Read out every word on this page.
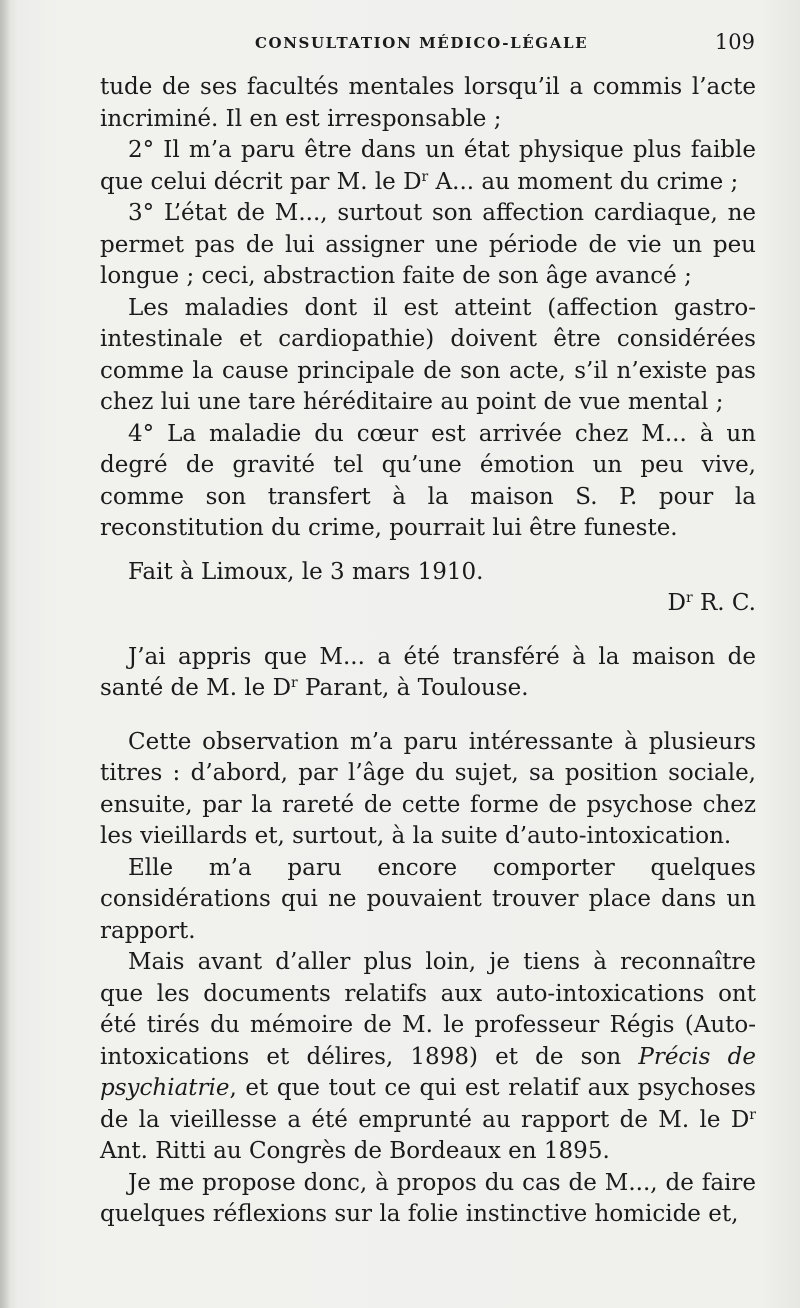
CONSULTATION MÉDICO-LÉGALE	109

tude de ses facultés mentales lorsqu’il a commis l’acte incriminé. Il en est irresponsable ;

2° Il m’a paru être dans un état physique plus faible que celui décrit par M. le $D^r$ A... au moment du crime ;

3° L’état de M..., surtout son affection cardiaque, ne permet pas de lui assigner une période de vie un peu longue ; ceci, abstraction faite de son âge avancé ;

Les maladies dont il est atteint (affection gastro-intestinale et cardiopathie) doivent être considérées comme la cause principale de son acte, s’il n’existe pas chez lui une tare héréditaire au point de vue mental ;

4° La maladie du cœur est arrivée chez M... à un degré de gravité tel qu’une émotion un peu vive, comme son transfert à la maison S. P. pour la reconstitution du crime, pourrait lui être funeste.

Fait à Limoux, le 3 mars 1910.

$D^r$ R. C.

J’ai appris que M... a été transféré à la maison de santé de M. le $D^r$ Parant, à Toulouse.

Cette observation m’a paru intéressante à plusieurs titres : d’abord, par l’âge du sujet, sa position sociale, ensuite, par la rareté de cette forme de psychose chez les vieillards et, surtout, à la suite d’auto-intoxication.

Elle m’a paru encore comporter quelques considérations qui ne pouvaient trouver place dans un rapport.

Mais avant d’aller plus loin, je tiens à reconnaître que les documents relatifs aux auto-intoxications ont été tirés du mémoire de M. le professeur Régis (Auto-intoxications et délires, 1898) et de son Précis de psychiatrie, et que tout ce qui est relatif aux psychoses de la vieillesse a été emprunté au rapport de M. le $D^r$ Ant. Ritti au Congrès de Bordeaux en 1895.

Je me propose donc, à propos du cas de M..., de faire quelques réflexions sur la folie instinctive homicide et,
